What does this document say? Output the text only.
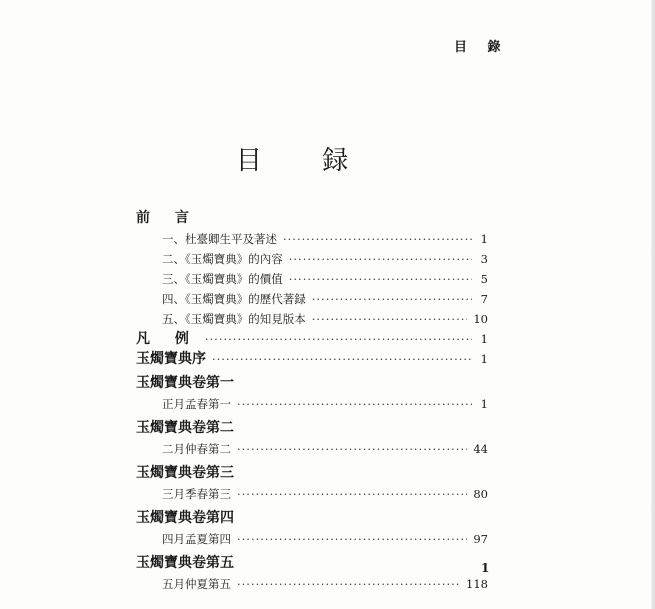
目 錄
目 録
前 言
一、杜臺卿生平及著述 ·····	1
二、《玉燭寶典》的內容 ·····	3
三、《玉燭寶典》的價值 ·····	5
四、《玉燭寶典》的歷代著録 ·····	7
五、《玉燭寶典》的知見版本 ·····	10
凡 例 ·····	1
玉燭寶典序 ·····	1
玉燭寶典卷第一
正月孟春第一 ·····	1
玉燭寶典卷第二
二月仲春第二 ·····	44
玉燭寶典卷第三
三月季春第三 ·····	80
玉燭寶典卷第四
四月孟夏第四 ·····	97
玉燭寶典卷第五
五月仲夏第五 ·····	118
1
